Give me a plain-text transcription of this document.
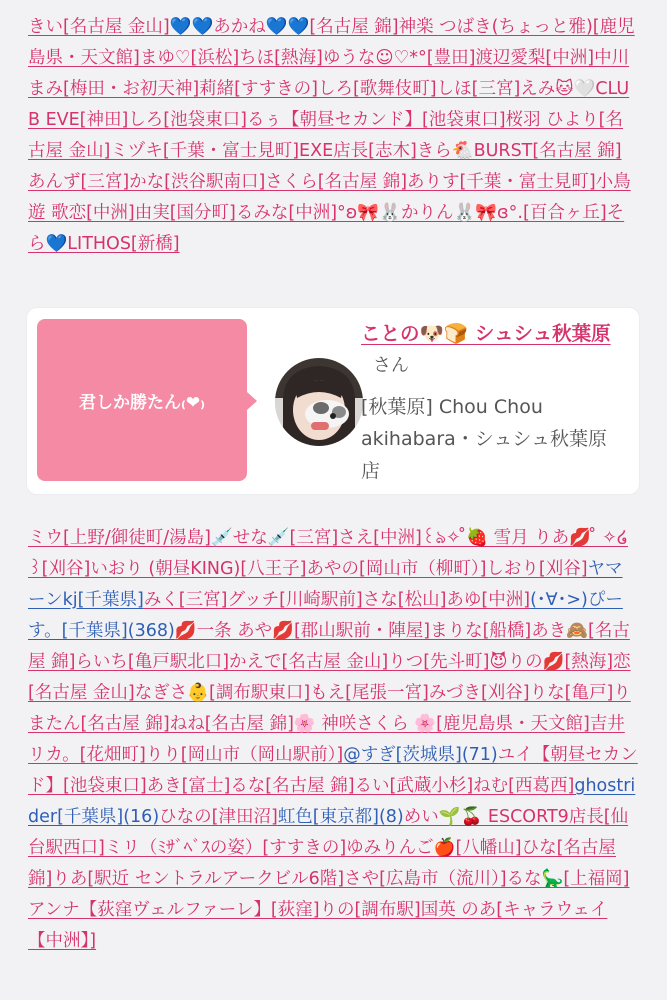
きい[名古屋 金山]💙💙あかね💙💙[名古屋 錦]神楽 つばき(ちょっと雅)[鹿児島県・天文館]まゆ♡[浜松]ちほ[熱海]ゆうな☺︎♡*°[豊田]渡辺愛梨[中洲]中川まみ[梅田・お初天神]莉緒[すすきの]しろ[歌舞伎町]しほ[三宮]えみ🐱🤍CLUB EVE[神田]しろ[池袋東口]るぅ【朝昼セカンド】[池袋東口]桜羽 ひより[名古屋 金山]ミヅキ[千葉・富士見町]EXE店長[志木]きら🐔BURST[名古屋 錦]あんず[三宮]かな[渋谷駅南口]さくら[名古屋 錦]ありす[千葉・富士見町]小鳥遊 歌恋[中洲]由実[国分町]るみな[中洲]°ʚ🎀🐰かりん🐰🎀ɞ°.[百合ヶ丘]そら💙LITHOS[新橋]
君しか勝たん₍❤︎₎
ことの🐶🍞 シュシュ秋葉原さん
[秋葉原] Chou Chou akihabara・シュシュ秋葉原店
ミウ[上野/御徒町/湯島]💉せな💉[三宮]さえ[中洲]꒰ঌ✧ ̊🍓 雪月 りあ💋 ̊ ✧໒꒱[刈谷]いおり (朝昼KING)[八王子]あやの[岡山市（柳町）]しおり[刈谷]ヤマーンkj[千葉県]みく[三宮]グッチ[川崎駅前]さな[松山]あゆ[中洲](･∀･>)ぴーす。[千葉県](368)💋一条 あや💋[郡山駅前・陣屋]まりな[船橋]あき🙈[名古屋 錦]らいち[亀戸駅北口]かえで[名古屋 金山]りつ[先斗町]😈りの💋[熱海]恋[名古屋 金山]なぎさ👶[調布駅東口]もえ[尾張一宮]みづき[刈谷]りな[亀戸]りまたん[名古屋 錦]ねね[名古屋 錦]🌸 神咲さくら 🌸[鹿児島県・天文館]吉井 リカ。[花畑町]りり[岡山市（岡山駅前）]@すぎ[茨城県](71)ユイ【朝昼セカンド】[池袋東口]あき[富士]るな[名古屋 錦]るい[武蔵小杉]ねむ[西葛西]ghostrider[千葉県](16)ひなの[津田沼]虹色[東京都](8)めい🌱🍒 ESCORT9店長[仙台駅西口]ミリ（ﾐｻﾞﾍﾞｽの姿）[すすきの]ゆみりんご🍎[八幡山]ひな[名古屋 錦]りあ[駅近 セントラルアークビル6階]さや[広島市（流川）]るな🦕[上福岡]アンナ【荻窪ヴェルファーレ】[荻窪]りの[調布駅]国英 のあ[キャラウェイ【中洲】]
